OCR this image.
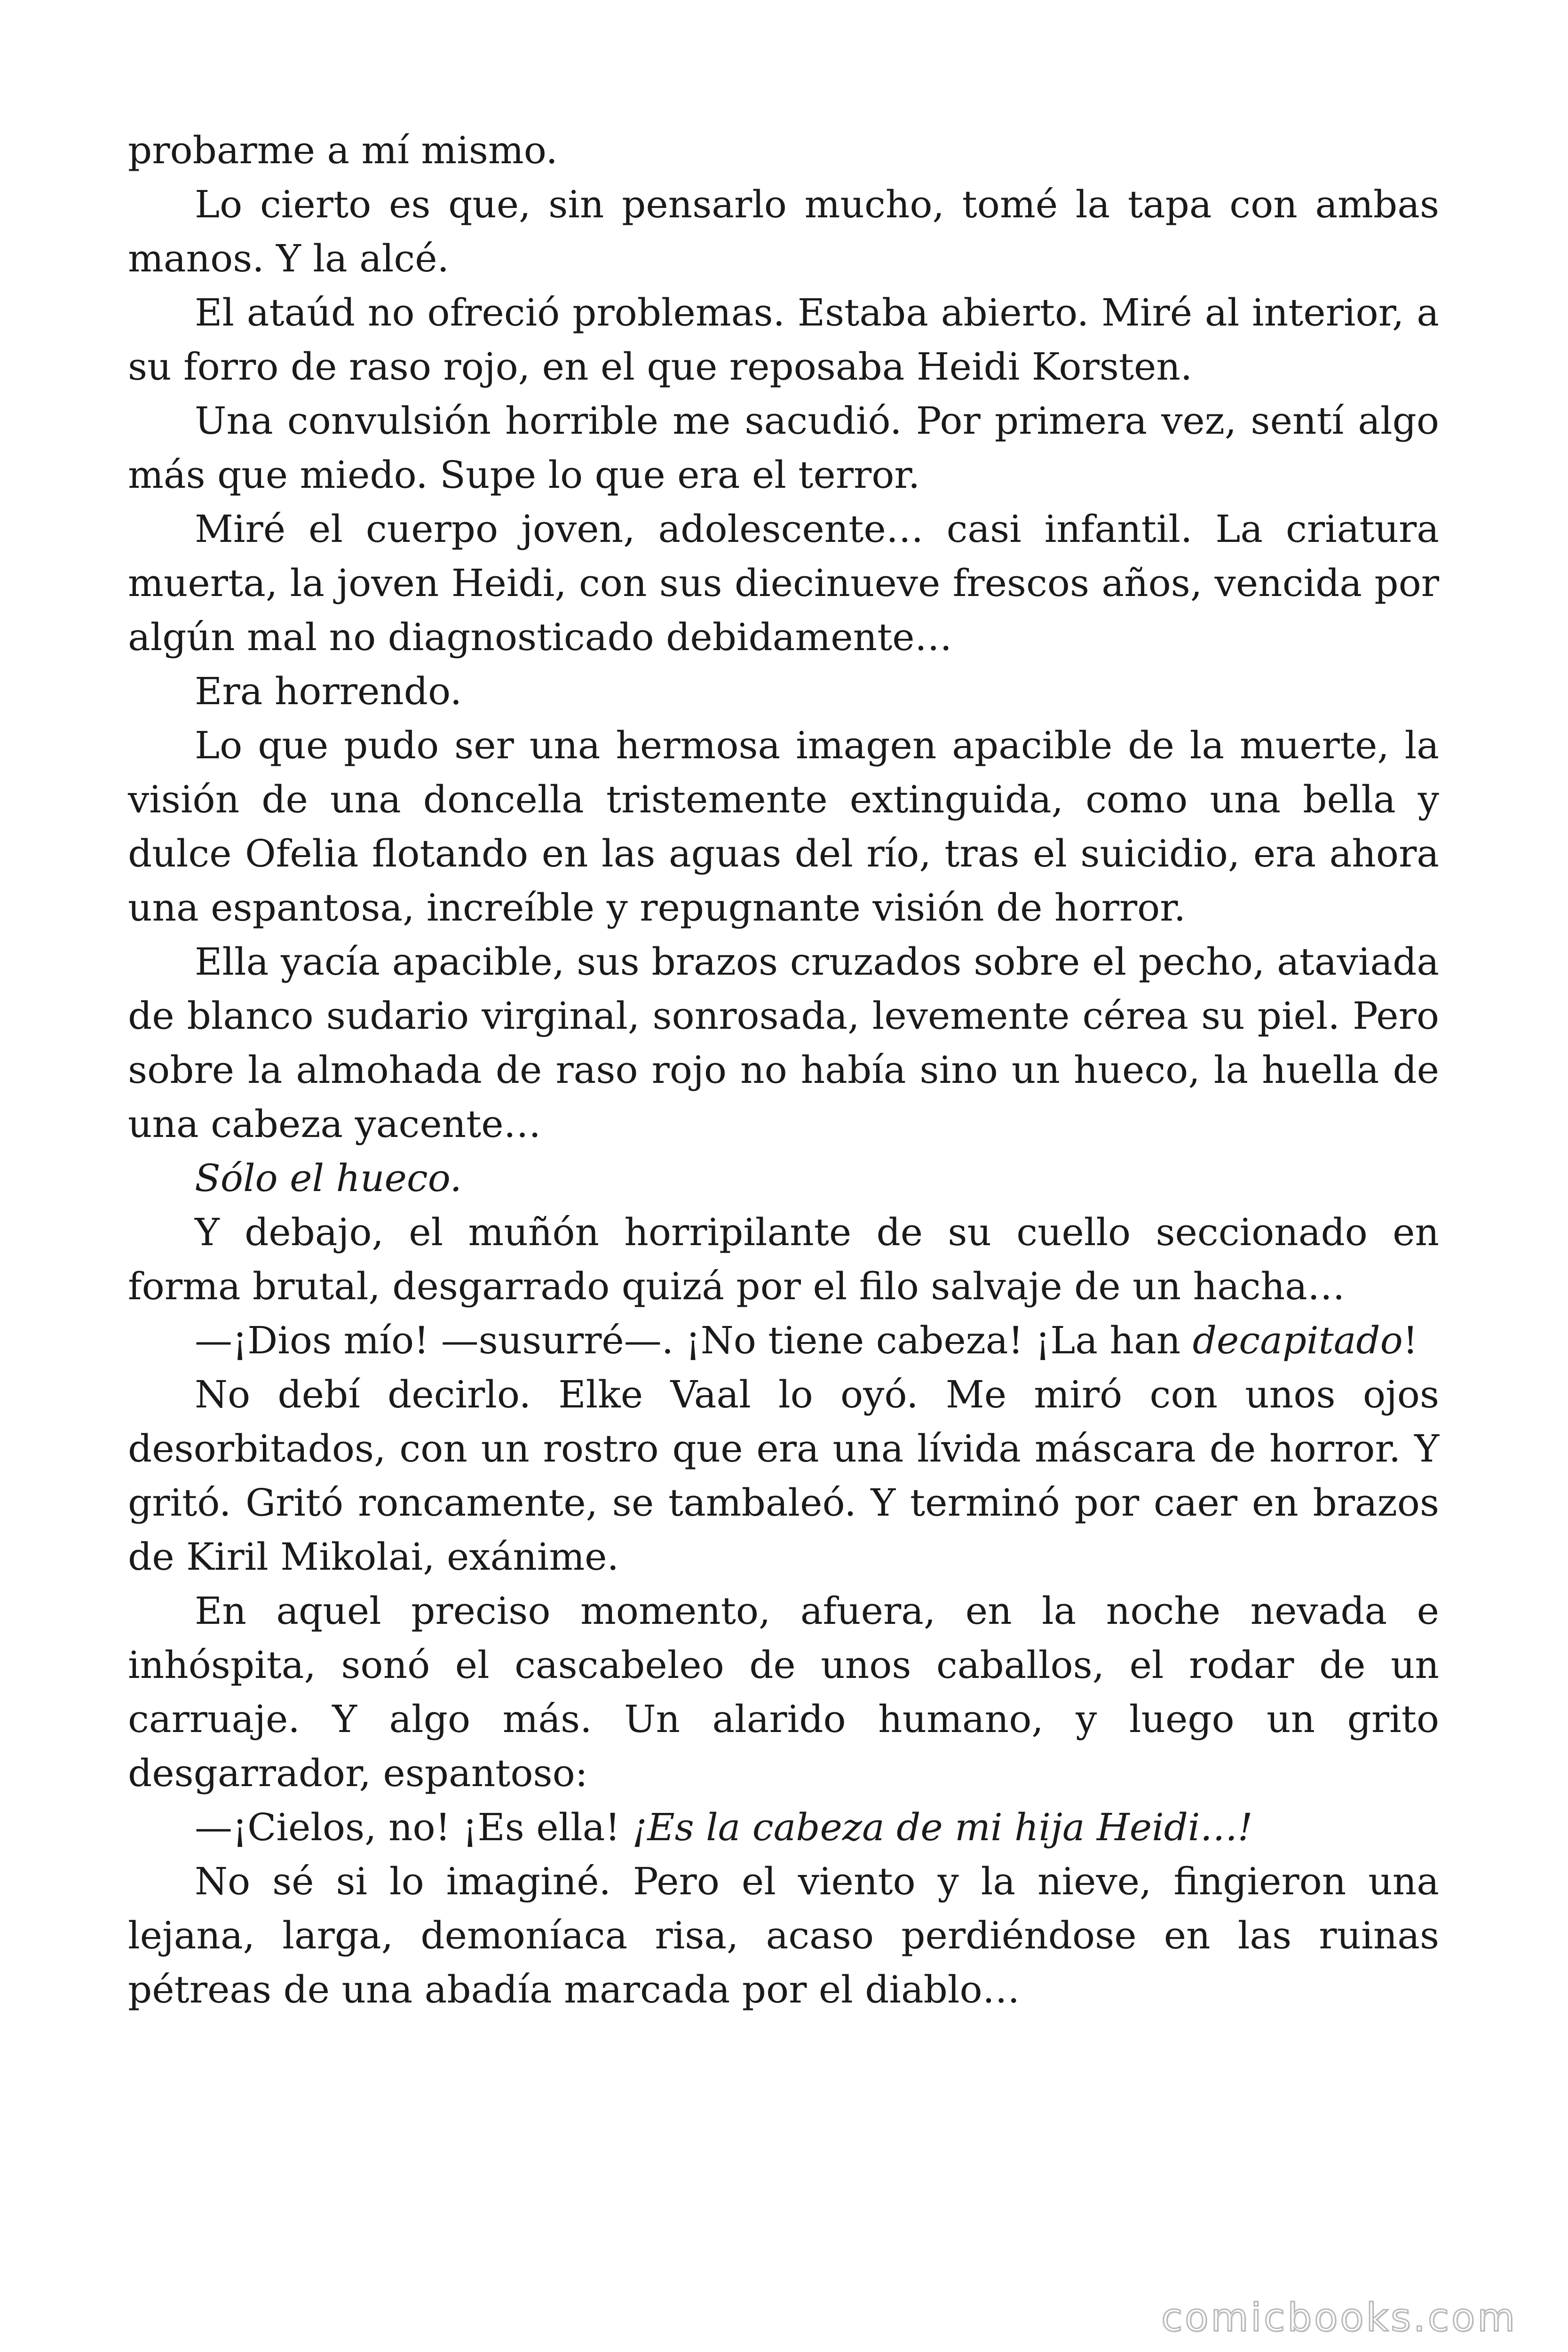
probarme a mí mismo.

Lo cierto es que, sin pensarlo mucho, tomé la tapa con ambas manos. Y la alcé.

El ataúd no ofreció problemas. Estaba abierto. Miré al interior, a su forro de raso rojo, en el que reposaba Heidi Korsten.

Una convulsión horrible me sacudió. Por primera vez, sentí algo más que miedo. Supe lo que era el terror.

Miré el cuerpo joven, adolescente… casi infantil. La criatura muerta, la joven Heidi, con sus diecinueve frescos años, vencida por algún mal no diagnosticado debidamente…

Era horrendo.

Lo que pudo ser una hermosa imagen apacible de la muerte, la visión de una doncella tristemente extinguida, como una bella y dulce Ofelia flotando en las aguas del río, tras el suicidio, era ahora una espantosa, increíble y repugnante visión de horror.

Ella yacía apacible, sus brazos cruzados sobre el pecho, ataviada de blanco sudario virginal, sonrosada, levemente cérea su piel. Pero sobre la almohada de raso rojo no había sino un hueco, la huella de una cabeza yacente…

Sólo el hueco.

Y debajo, el muñón horripilante de su cuello seccionado en forma brutal, desgarrado quizá por el filo salvaje de un hacha…

—¡Dios mío! —susurré—. ¡No tiene cabeza! ¡La han decapitado!

No debí decirlo. Elke Vaal lo oyó. Me miró con unos ojos desorbitados, con un rostro que era una lívida máscara de horror. Y gritó. Gritó roncamente, se tambaleó. Y terminó por caer en brazos de Kiril Mikolai, exánime.

En aquel preciso momento, afuera, en la noche nevada e inhóspita, sonó el cascabeleo de unos caballos, el rodar de un carruaje. Y algo más. Un alarido humano, y luego un grito desgarrador, espantoso:

—¡Cielos, no! ¡Es ella! ¡Es la cabeza de mi hija Heidi…!

No sé si lo imaginé. Pero el viento y la nieve, fingieron una lejana, larga, demoníaca risa, acaso perdiéndose en las ruinas pétreas de una abadía marcada por el diablo…

comicbooks.com
